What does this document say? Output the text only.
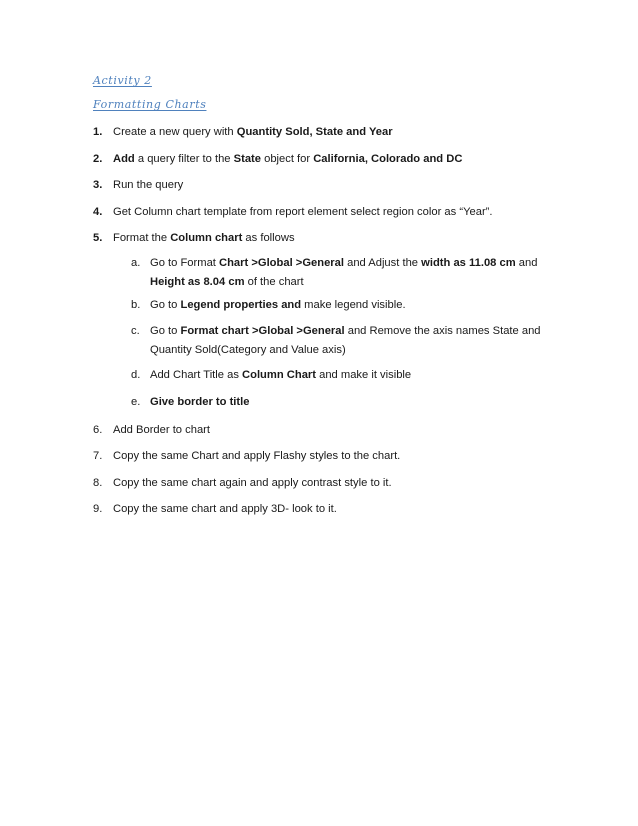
Activity 2
Formatting Charts
1. Create a new query with Quantity Sold, State and Year
2. Add a query filter to the State object for California, Colorado and DC
3. Run the query
4. Get Column chart template from report element select region color as “Year”.
5. Format the Column chart as follows
a. Go to Format Chart >Global >General and Adjust the width as 11.08 cm and Height as 8.04 cm of the chart
b. Go to Legend properties and make legend visible.
c. Go to Format chart >Global >General and Remove the axis names State and Quantity Sold(Category and Value axis)
d. Add Chart Title as Column Chart and make it visible
e. Give border to title
6. Add Border to chart
7. Copy the same Chart and apply Flashy styles to the chart.
8. Copy the same chart again and apply contrast style to it.
9. Copy the same chart and apply 3D- look to it.
